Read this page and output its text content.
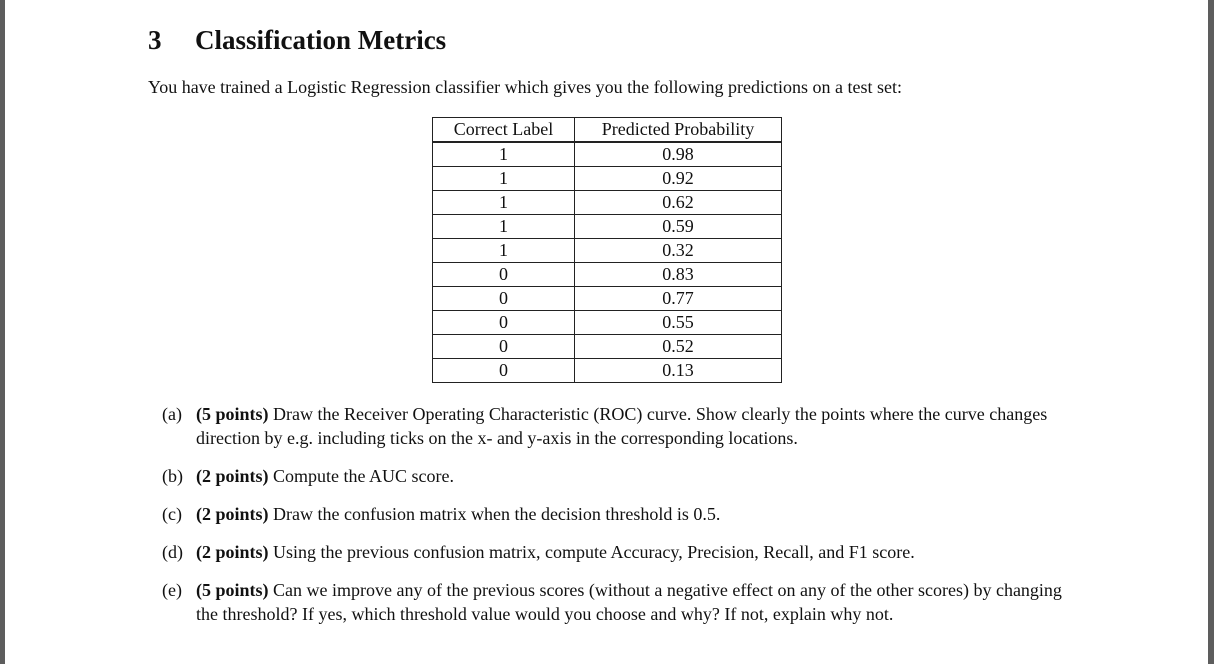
3 Classification Metrics
You have trained a Logistic Regression classifier which gives you the following predictions on a test set:
Correct Label	Predicted Probability
1	0.98
1	0.92
1	0.62
1	0.59
1	0.32
0	0.83
0	0.77
0	0.55
0	0.52
0	0.13
(a) (5 points) Draw the Receiver Operating Characteristic (ROC) curve. Show clearly the points where the curve changes direction by e.g. including ticks on the x- and y-axis in the corresponding locations.
(b) (2 points) Compute the AUC score.
(c) (2 points) Draw the confusion matrix when the decision threshold is 0.5.
(d) (2 points) Using the previous confusion matrix, compute Accuracy, Precision, Recall, and F1 score.
(e) (5 points) Can we improve any of the previous scores (without a negative effect on any of the other scores) by changing the threshold? If yes, which threshold value would you choose and why? If not, explain why not.
